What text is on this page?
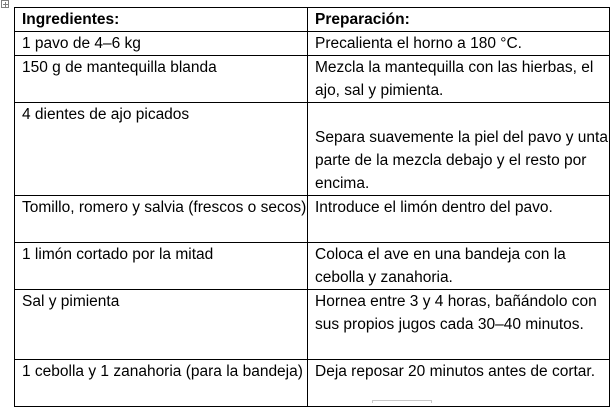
Ingredientes:	Preparación:
1 pavo de 4–6 kg	Precalienta el horno a 180 °C.
150 g de mantequilla blanda	Mezcla la mantequilla con las hierbas, el ajo, sal y pimienta.
4 dientes de ajo picados	Separa suavemente la piel del pavo y unta parte de la mezcla debajo y el resto por encima.

Tomillo, romero y salvia (frescos o secos)	Introduce el limón dentro del pavo.
1 limón cortado por la mitad	Coloca el ave en una bandeja con la cebolla y zanahoria.
Sal y pimienta	Hornea entre 3 y 4 horas, bañándolo con sus propios jugos cada 30–40 minutos.
1 cebolla y 1 zanahoria (para la bandeja)	Deja reposar 20 minutos antes de cortar.
